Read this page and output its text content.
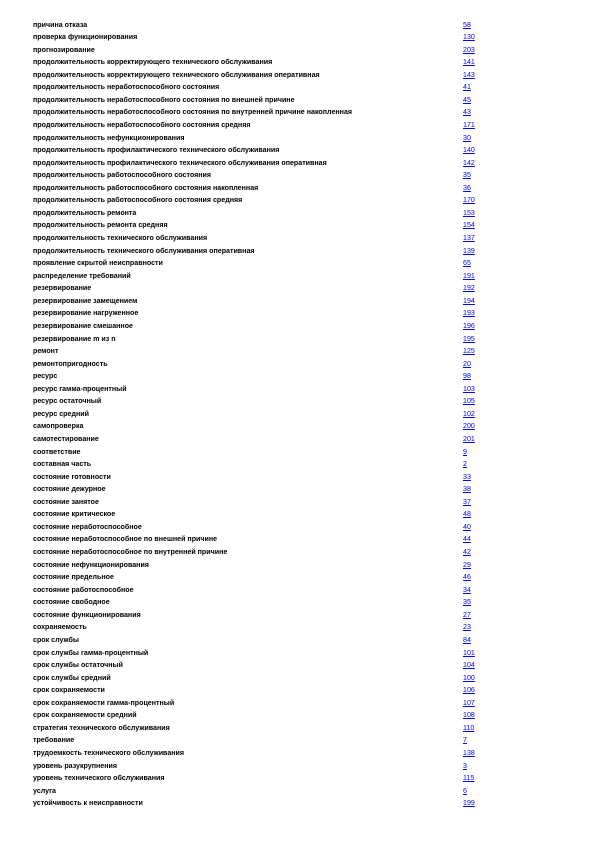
причина отказа	58
проверка функционирования	130
прогнозирование	203
продолжительность корректирующего технического обслуживания	141
продолжительность корректирующего технического обслуживания оперативная	143
продолжительность неработоспособного состояния	41
продолжительность неработоспособного состояния по внешней причине	45
продолжительность неработоспособного состояния по внутренней причине накопленная	43
продолжительность неработоспособного состояния средняя	171
продолжительность нефункционирования	30
продолжительность профилактического технического обслуживания	140
продолжительность профилактического технического обслуживания оперативная	142
продолжительность работоспособного состояния	35
продолжительность работоспособного состояния накопленная	36
продолжительность работоспособного состояния средняя	170
продолжительность ремонта	153
продолжительность ремонта средняя	154
продолжительность технического обслуживания	137
продолжительность технического обслуживания оперативная	139
проявление скрытой неисправности	65
распределение требований	191
резервирование	192
резервирование замещением	194
резервирование нагруженное	193
резервирование смешанное	196
резервирование m из n	195
ремонт	125
ремонтопригодность	20
ресурс	98
ресурс гамма-процентный	103
ресурс остаточный	105
ресурс средний	102
самопроверка	200
самотестирование	201
соответствие	9
составная часть	2
состояние готовности	33
состояние дежурное	38
состояние занятое	37
состояние критическое	48
состояние неработоспособное	40
состояние неработоспособное по внешней причине	44
состояние неработоспособное по внутренней причине	42
состояние нефункционирования	29
состояние предельное	46
состояние работоспособное	34
состояние свободное	35
состояние функционирования	27
сохраняемость	23
срок службы	84
срок службы гамма-процентный	101
срок службы остаточный	104
срок службы средний	100
срок сохраняемости	106
срок сохраняемости гамма-процентный	107
срок сохраняемости средний	108
стратегия технического обслуживания	110
требование	7
трудоемкость технического обслуживания	138
уровень разукрупнения	3
уровень технического обслуживания	115
услуга	6
устойчивость к неисправности	199
